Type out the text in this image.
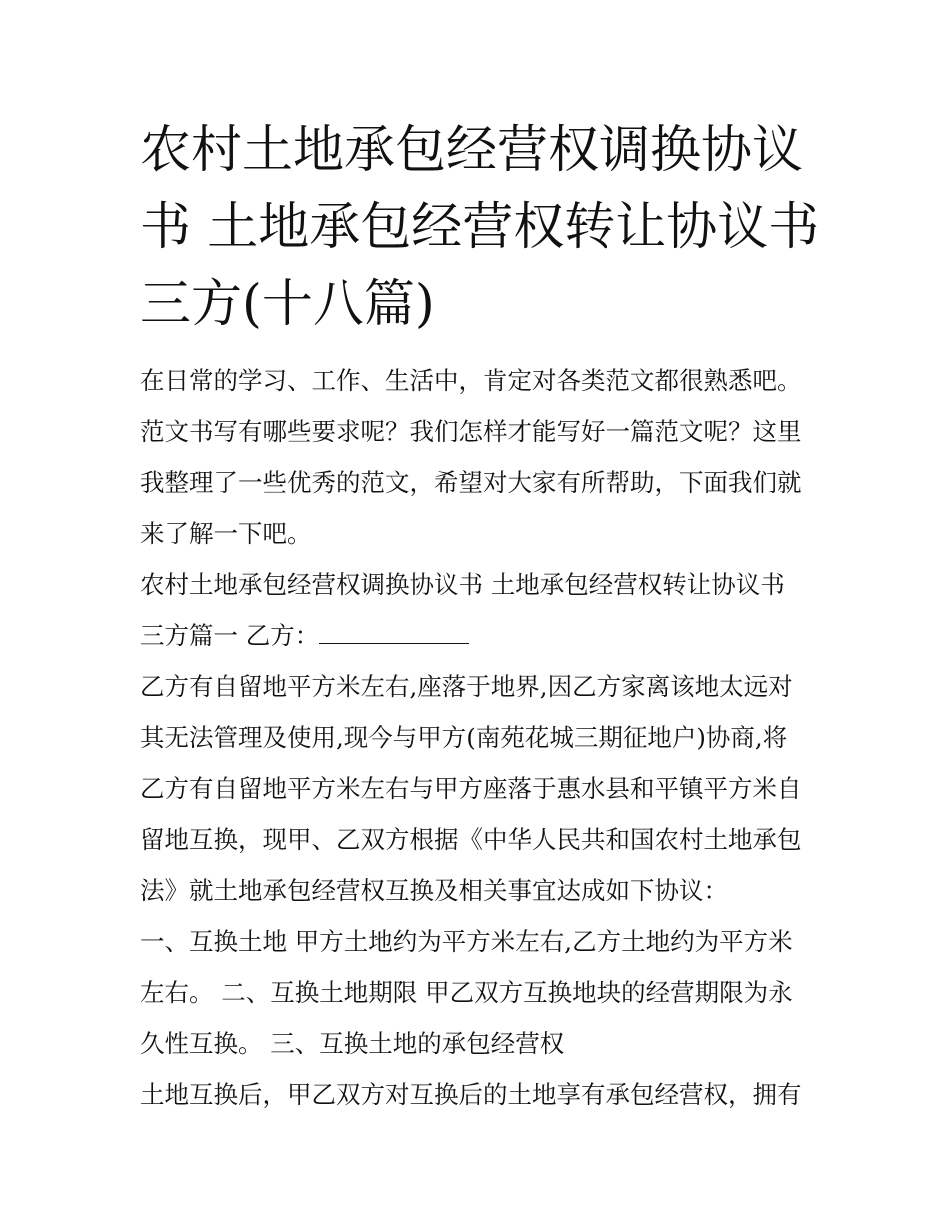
农村土地承包经营权调换协议
书 土地承包经营权转让协议书
三方(十八篇)
在日常的学习、工作、生活中，肯定对各类范文都很熟悉吧。
范文书写有哪些要求呢？我们怎样才能写好一篇范文呢？这里
我整理了一些优秀的范文，希望对大家有所帮助，下面我们就
来了解一下吧。
农村土地承包经营权调换协议书 土地承包经营权转让协议书
三方篇一 乙方：
乙方有自留地平方米左右,座落于地界,因乙方家离该地太远对
其无法管理及使用,现今与甲方(南苑花城三期征地户)协商,将
乙方有自留地平方米左右与甲方座落于惠水县和平镇平方米自
留地互换，现甲、乙双方根据《中华人民共和国农村土地承包
法》就土地承包经营权互换及相关事宜达成如下协议：
一、互换土地 甲方土地约为平方米左右,乙方土地约为平方米
左右。 二、互换土地期限 甲乙双方互换地块的经营期限为永
久性互换。 三、互换土地的承包经营权
土地互换后，甲乙双方对互换后的土地享有承包经营权，拥有
